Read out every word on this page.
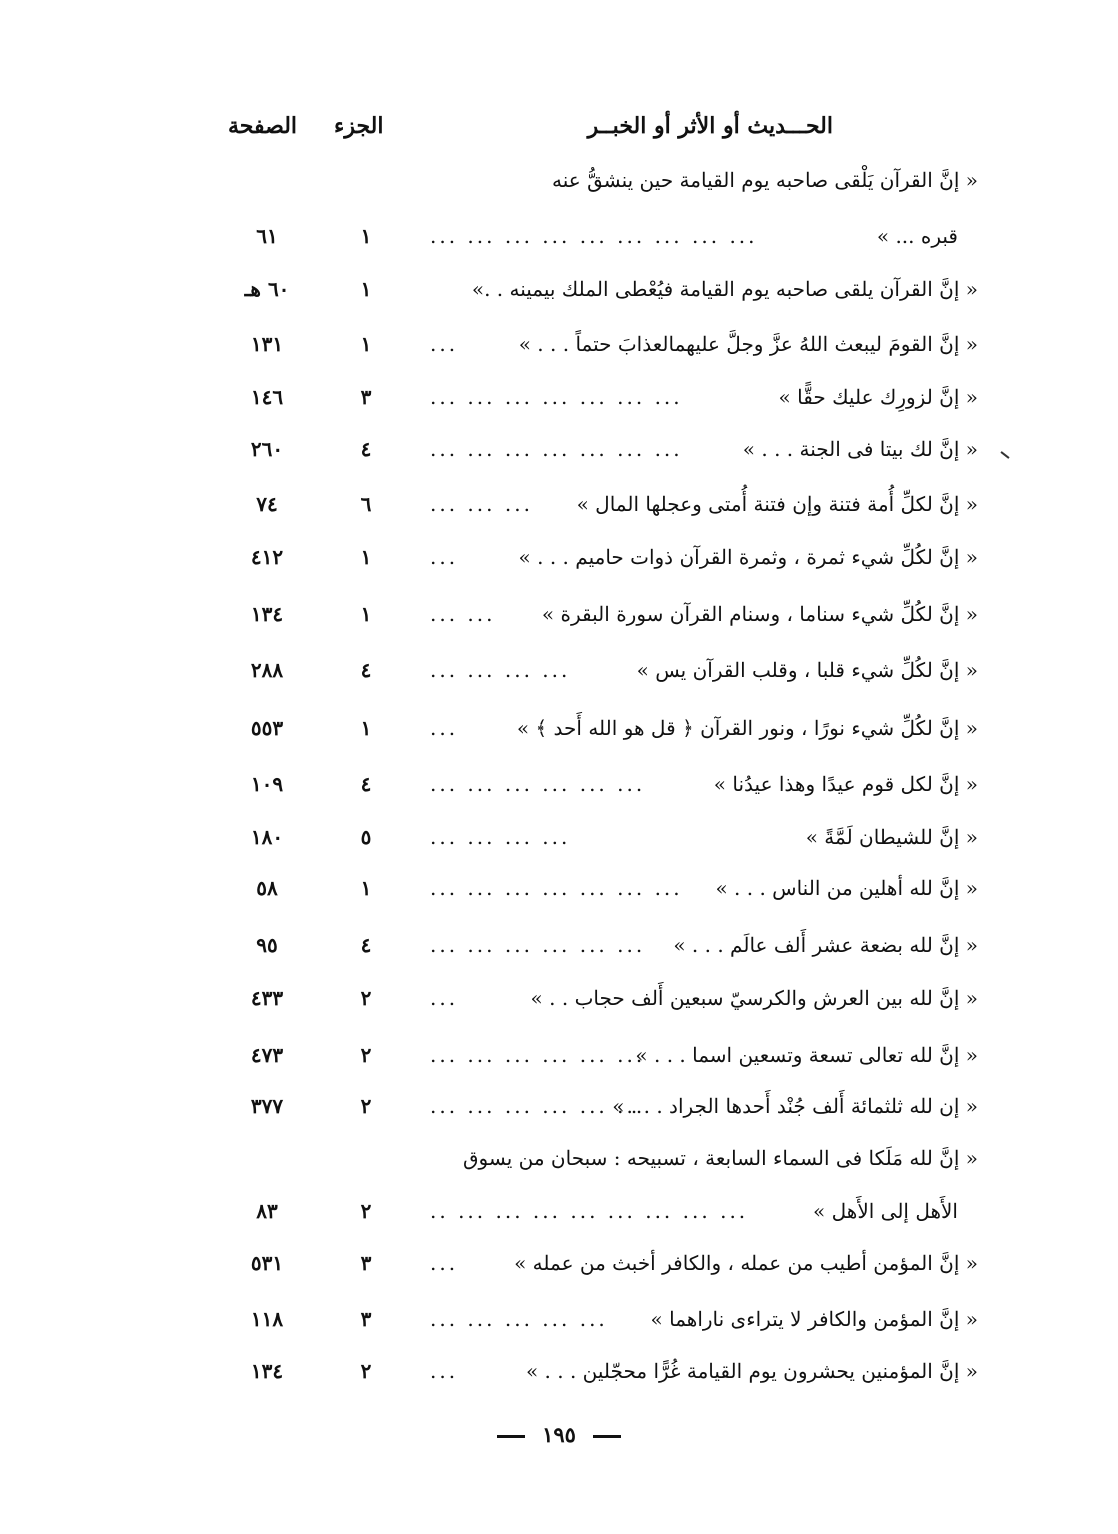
الحـــديث أو الأثر أو الخبــر
الجزء
الصفحة
« إنَّ القرآن يَلْقى صاحبه يوم القيامة حين ينشقُّ عنه
قبره ... »
... ... ... ... ... ... ... ... ...
١
٦١
« إنَّ القرآن يلقى صاحبه يوم القيامة فيُعْطى الملك بيمينه . .»
١
٦٠ هـ
« إنَّ القومَ ليبعث اللهُ عزَّ وجلَّ عليهمالعذابَ حتماً . . . »
...
١
١٣١
« إنَّ لزورِك عليك حقًّا »
... ... ... ... ... ... ...
٣
١٤٦
« إنَّ لك بيتا فى الجنة . . . »
... ... ... ... ... ... ...
٤
٢٦٠
« إنَّ لكلِّ أُمة فتنة وإن فتنة أُمتى وعجلها المال »
... ... ...
٦
٧٤
« إنَّ لكُلِّ شيء ثمرة ، وثمرة القرآن ذوات حاميم . . . »
...
١
٤١٢
« إنَّ لكُلِّ شيء سناما ، وسنام القرآن سورة البقرة »
... ...
١
١٣٤
« إنَّ لكُلِّ شيء قلبا ، وقلب القرآن يس »
... ... ... ...
٤
٢٨٨
« إنَّ لكُلِّ شيء نورًا ، ونور القرآن ﴿ قل هو الله أَحد ﴾ »
...
١
٥٥٣
« إنَّ لكل قوم عيدًا وهذا عيدُنا »
... ... ... ... ... ...
٤
١٠٩
« إنَّ للشيطان لَمَّةً »
... ... ... ...
٥
١٨٠
« إنَّ لله أهلين من الناس . . . »
... ... ... ... ... ... ...
١
٥٨
« إنَّ لله بضعة عشر أَلف عالَم . . . »
... ... ... ... ... ...
٤
٩٥
« إنَّ لله بين العرش والكرسيّ سبعين أَلف حجاب . . »
...
٢
٤٣٣
« إنَّ لله تعالى تسعة وتسعين اسما . . . »
... ... ... ... ... ...
٢
٤٧٣
« إن لله ثلثمائة أَلف جُنْد أَحدها الجراد . . . »
... ... ... ... ... ...
٢
٣٧٧
« إنَّ لله مَلَكا فى السماء السابعة ، تسبيحه : سبحان من يسوق
الأَهل إلى الأَهل »
.. ... ... ... ... ... ... ... ...
٢
٨٣
« إنَّ المؤمن أطيب من عمله ، والكافر أخبث من عمله »
...
٣
٥٣١
« إنَّ المؤمن والكافر لا يتراءى ناراهما »
... ... ... ... ...
٣
١١٨
« إنَّ المؤمنين يحشرون يوم القيامة غُرًّا محجّلين . . . »
...
٢
١٣٤
١٩٥
